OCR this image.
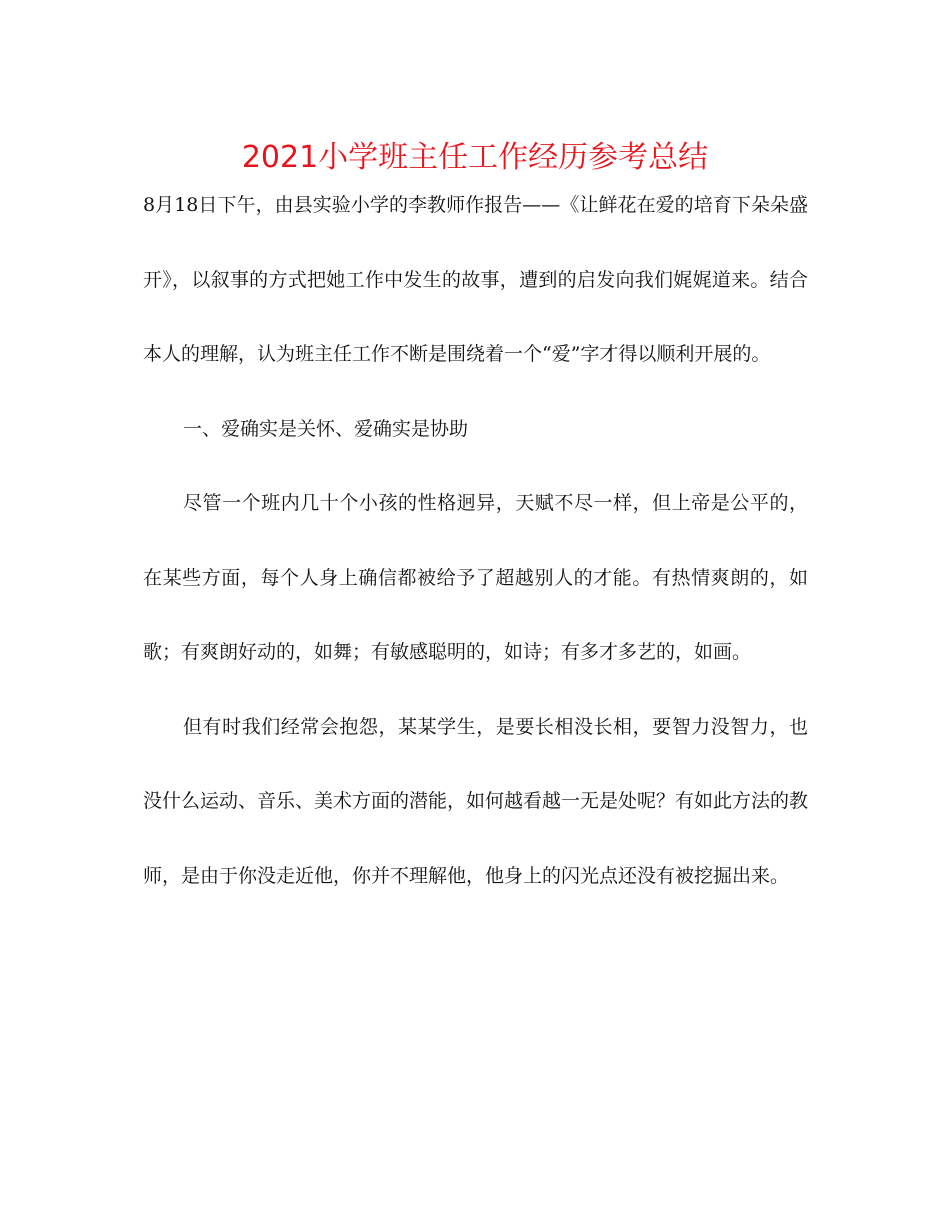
2021小学班主任工作经历参考总结

8月18日下午，由县实验小学的李教师作报告——《让鲜花在爱的培育下朵朵盛开》，以叙事的方式把她工作中发生的故事，遭到的启发向我们娓娓道来。结合本人的理解，认为班主任工作不断是围绕着一个“爱”字才得以顺利开展的。

一、爱确实是关怀、爱确实是协助

尽管一个班内几十个小孩的性格迥异，天赋不尽一样，但上帝是公平的，在某些方面，每个人身上确信都被给予了超越别人的才能。有热情爽朗的，如歌；有爽朗好动的，如舞；有敏感聪明的，如诗；有多才多艺的，如画。

但有时我们经常会抱怨，某某学生，是要长相没长相，要智力没智力，也没什么运动、音乐、美术方面的潜能，如何越看越一无是处呢？有如此方法的教师，是由于你没走近他，你并不理解他，他身上的闪光点还没有被挖掘出来。
